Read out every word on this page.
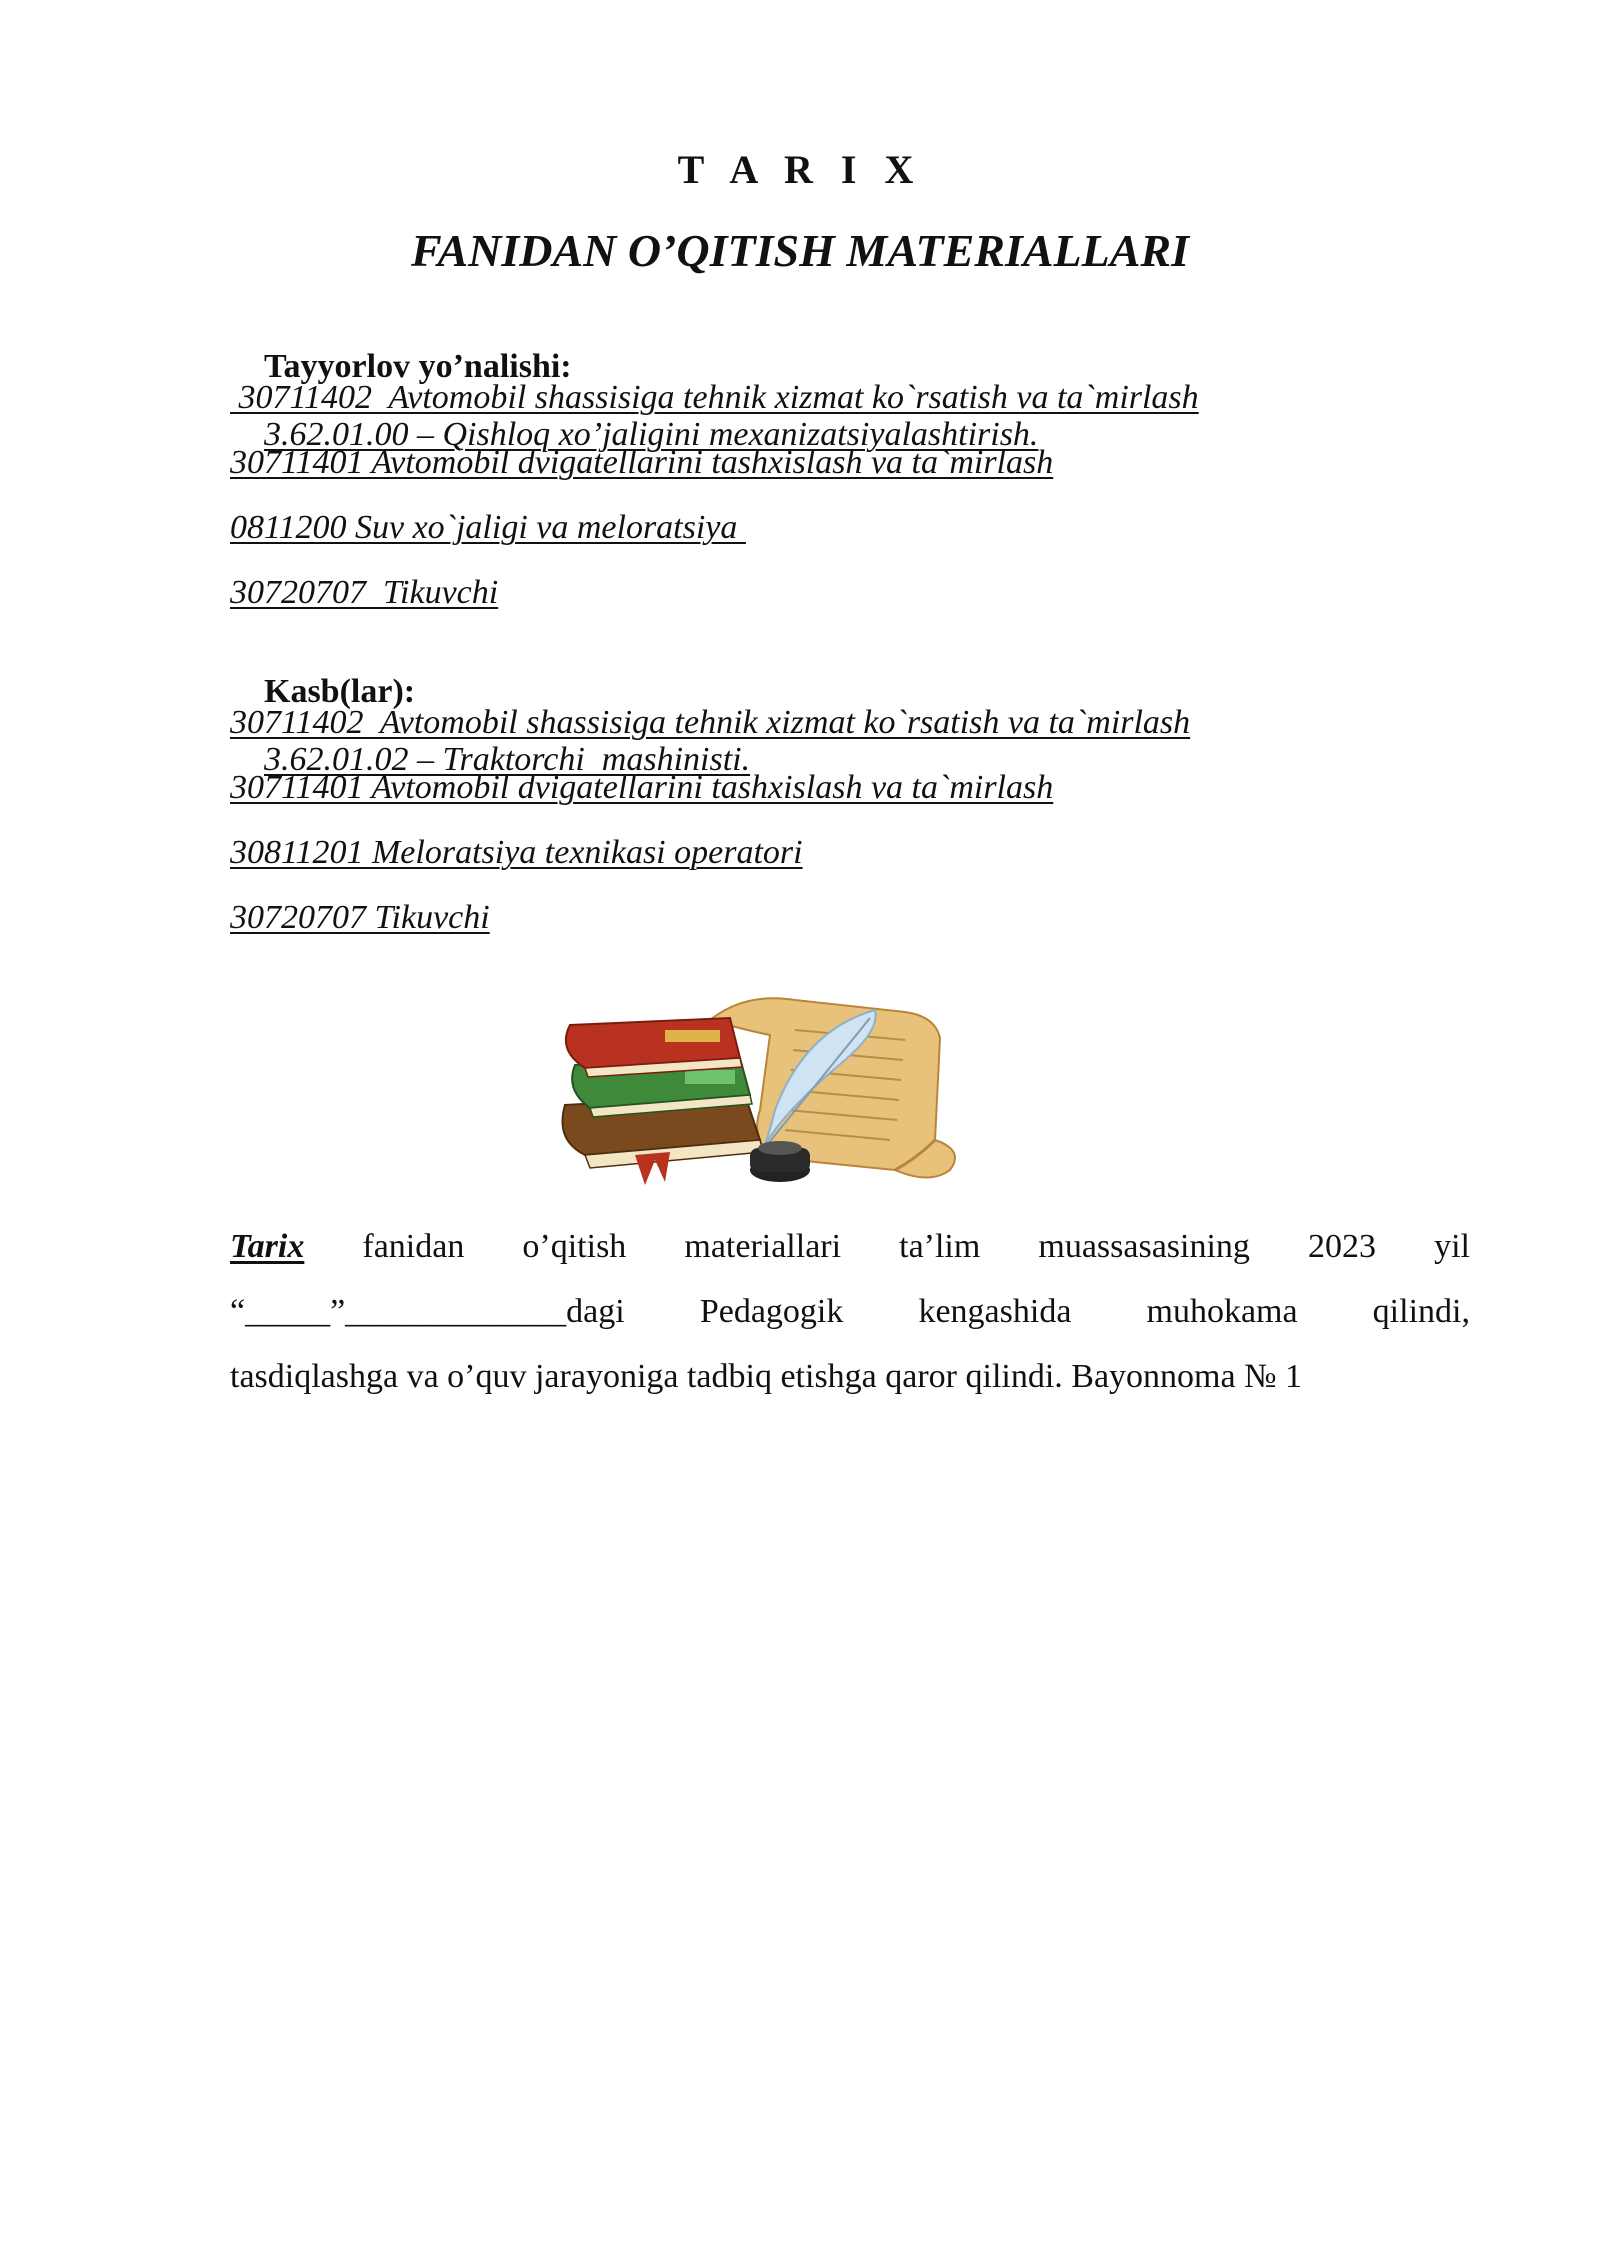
T A R I X
FANIDAN O’QITISH MATERIALLARI

Tayyorlov yo’nalishi:

3.62.01.00 – Qishloq xo’jaligini mexanizatsiyalashtirish.

30711402  Avtomobil shassisiga tehnik xizmat ko`rsatish va ta`mirlash
30711401 Avtomobil dvigatellarini tashxislash va ta`mirlash
0811200 Suv xo`jaligi va meloratsiya
30720707  Tikuvchi

Kasb(lar):

3.62.01.02 – Traktorchi  mashinisti.

30711402  Avtomobil shassisiga tehnik xizmat ko`rsatish va ta`mirlash
30711401 Avtomobil dvigatellarini tashxislash va ta`mirlash
30811201 Meloratsiya texnikasi operatori
30720707 Tikuvchi
Tarix fanidan o’qitish materiallari ta’lim muassasasining 2023 yil
“_____”_____________dagi Pedagogik kengashida muhokama qilindi,
tasdiqlashga va o’quv jarayoniga tadbiq etishga qaror qilindi. Bayonnoma № 1
